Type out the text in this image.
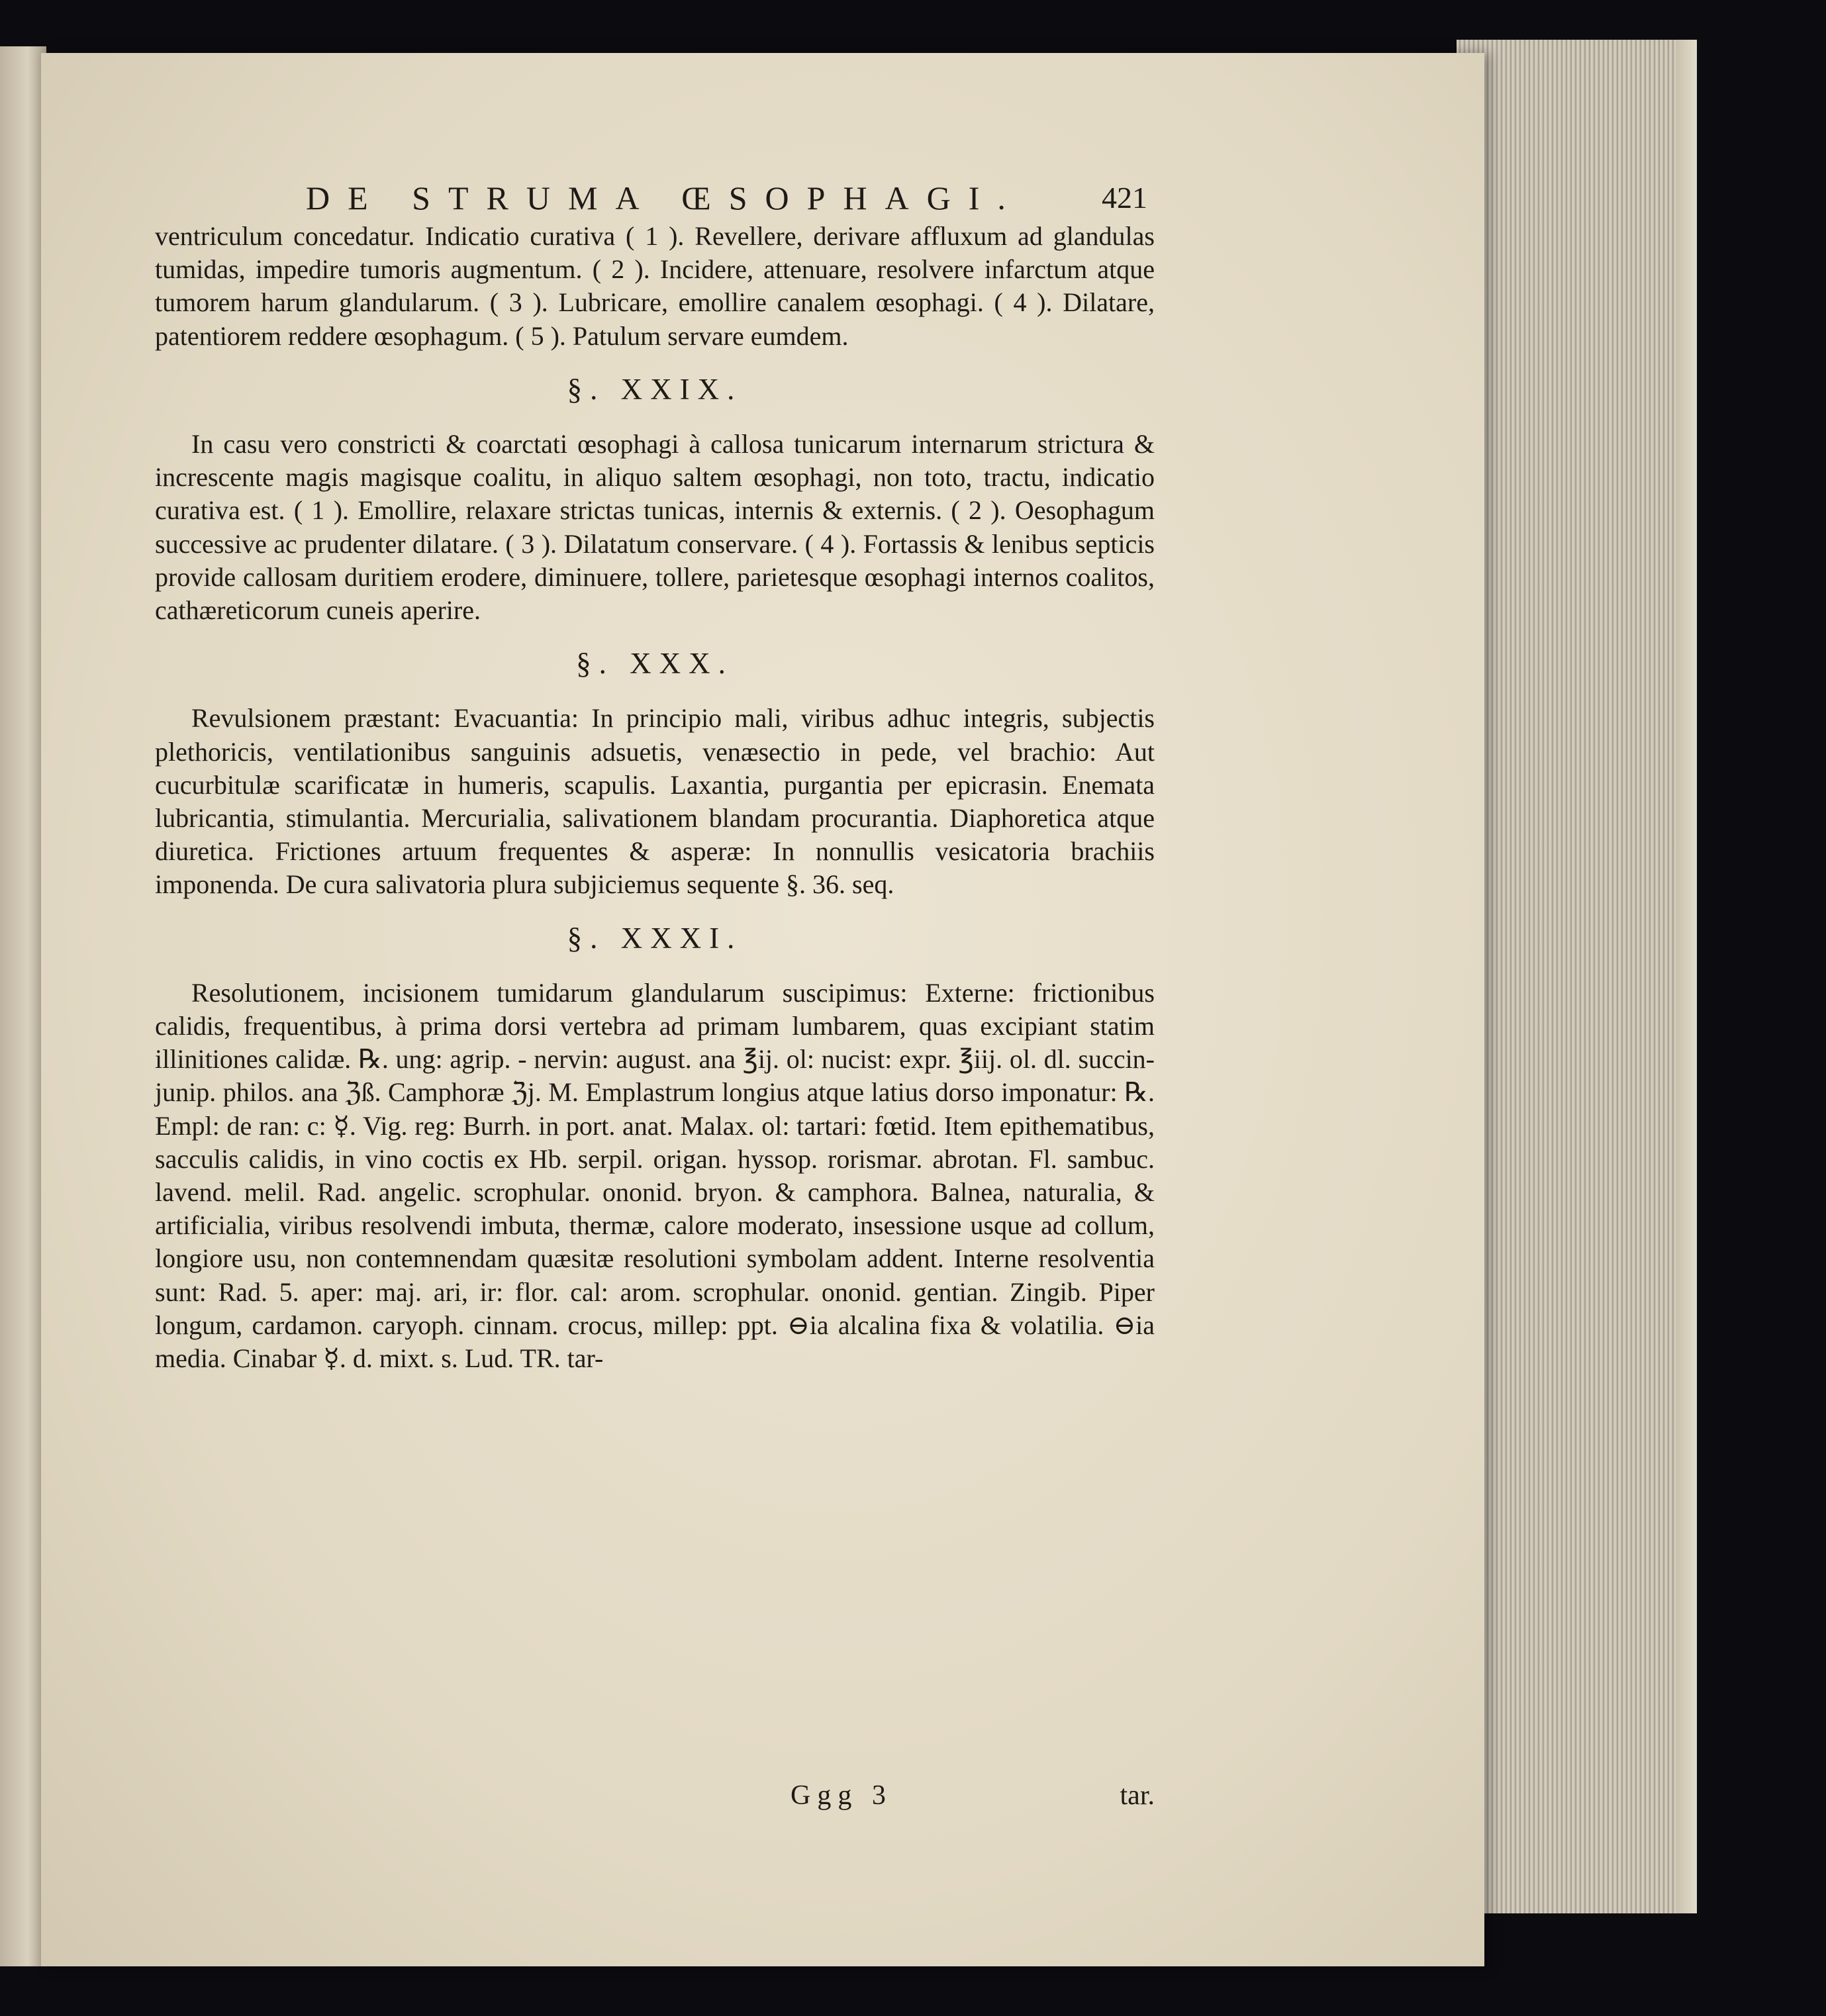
DE STRUMA ŒSOPHAGI.	421

ventriculum concedatur. Indicatio curativa ( 1 ). Revellere, derivare affluxum ad glandulas tumidas, impedire tumoris augmentum. ( 2 ). Incidere, attenuare, resolvere infarctum atque tumorem harum glandularum. ( 3 ). Lubricare, emollire canalem œsophagi. ( 4 ). Dilatare, patentiorem reddere œsophagum. ( 5 ). Patulum servare eumdem.

§. XXIX.

In casu vero constricti & coarctati œsophagi à callosa tunicarum internarum strictura & increscente magis magisque coalitu, in aliquo saltem œsophagi, non toto, tractu, indicatio curativa est. ( 1 ). Emollire, relaxare strictas tunicas, internis & externis. ( 2 ). Oesophagum successive ac prudenter dilatare. ( 3 ). Dilatatum conservare. ( 4 ). Fortassis & lenibus septicis provide callosam duritiem erodere, diminuere, tollere, parietesque œsophagi internos coalitos, cathæreticorum cuneis aperire.

§. XXX.

Revulsionem præstant: Evacuantia: In principio mali, viribus adhuc integris, subjectis plethoricis, ventilationibus sanguinis adsuetis, venæsectio in pede, vel brachio: Aut cucurbitulæ scarificatæ in humeris, scapulis. Laxantia, purgantia per epicrasin. Enemata lubricantia, stimulantia. Mercurialia, salivationem blandam procurantia. Diaphoretica atque diuretica. Frictiones artuum frequentes & asperæ: In nonnullis vesicatoria brachiis imponenda. De cura salivatoria plura subjiciemus sequente §. 36. seq.

§. XXXI.

Resolutionem, incisionem tumidarum glandularum suscipimus: Externe: frictionibus calidis, frequentibus, à prima dorsi vertebra ad primam lumbarem, quas excipiant statim illinitiones calidæ. ℞. ung: agrip. - nervin: august. ana ℥ij. ol: nucist: expr. ℥iij. ol. dl. succin-junip. philos. ana ℨß. Camphoræ ℨj. M. Emplastrum longius atque latius dorso imponatur: ℞. Empl: de ran: c: ☿. Vig. reg: Burrh. in port. anat. Malax. ol: tartari: fœtid. Item epithematibus, sacculis calidis, in vino coctis ex Hb. serpil. origan. hyssop. rorismar. abrotan. Fl. sambuc. lavend. melil. Rad. angelic. scrophular. ononid. bryon. & camphora. Balnea, naturalia, & artificialia, viribus resolvendi imbuta, thermæ, calore moderato, insessione usque ad collum, longiore usu, non contemnendam quæsitæ resolutioni symbolam addent. Interne resolventia sunt: Rad. 5. aper: maj. ari, ir: flor. cal: arom. scrophular. ononid. gentian. Zingib. Piper longum, cardamon. caryoph. cinnam. crocus, millep: ppt. ⊖ia alcalina fixa & volatilia. ⊖ia media. Cinabar ☿. d. mixt. s. Lud. TR. tar-

Ggg 3	tar.
